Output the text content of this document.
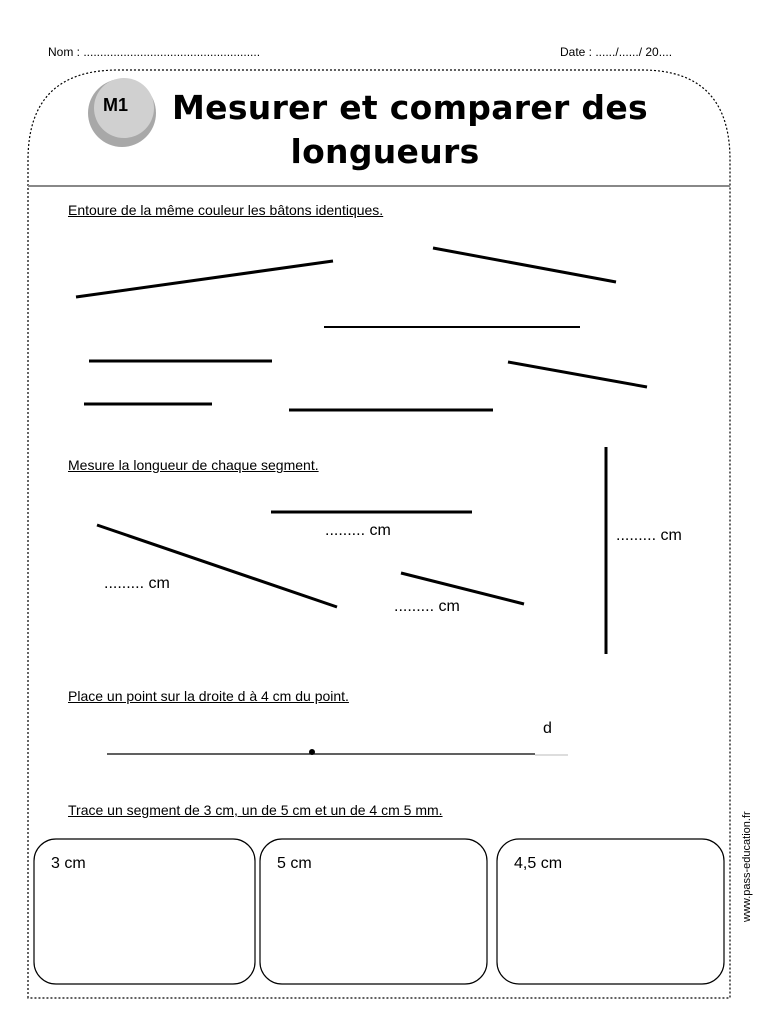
Nom : .....................................................	Date : ....../....../ 20....
M1	Mesurer et comparer des
longueurs
Entoure de la même couleur les bâtons identiques.
Mesure la longueur de chaque segment.
Place un point sur la droite d à 4 cm du point.
Trace un segment de 3 cm, un de 5 cm et un de 4 cm 5 mm.
......... cm	......... cm
......... cm
......... cm
d
3 cm	5 cm	4,5 cm	www.pass-education.fr
